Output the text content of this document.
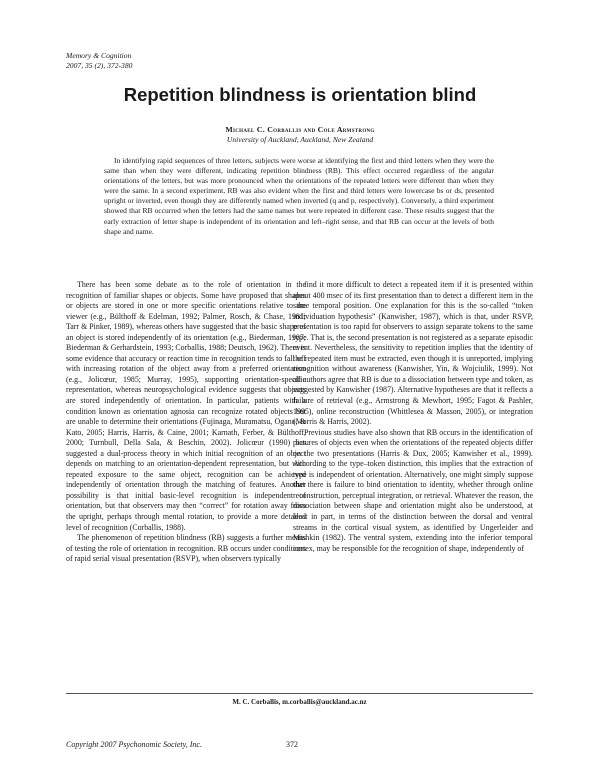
Memory & Cognition
2007, 35 (2), 372-380
Repetition blindness is orientation blind
Michael C. Corballis and Cole Armstrong
University of Auckland, Auckland, New Zealand

In identifying rapid sequences of three letters, subjects were worse at identifying the first and third letters when they were the same than when they were different, indicating repetition blindness (RB). This effect occurred regardless of the angular orientations of the letters, but was more pronounced when the orientations of the repeated letters were different than when they were the same. In a second experiment, RB was also evident when the first and third letters were lowercase bs or ds, presented upright or inverted, even though they are differently named when inverted (q and p, respectively). Conversely, a third experiment showed that RB occurred when the letters had the same names but were repeated in different case. These results suggest that the early extraction of letter shape is independent of its orientation and left–right sense, and that RB can occur at the levels of both shape and name.

There has been some debate as to the role of orientation in the recognition of familiar shapes or objects. Some have proposed that shapes or objects are stored in one or more specific orientations relative to the viewer (e.g., Bülthoff & Edelman, 1992; Palmer, Rosch, & Chase, 1981; Tarr & Pinker, 1989), whereas others have suggested that the basic shape of an object is stored independently of its orientation (e.g., Biederman, 1987; Biederman & Gerhardstein, 1993; Corballis, 1988; Deutsch, 1962). There is some evidence that accuracy or reaction time in recognition tends to fall off with increasing rotation of the object away from a preferred orientation (e.g., Jolicœur, 1985; Murray, 1995), supporting orientation-specific representation, whereas neuropsychological evidence suggests that objects are stored independently of orientation. In particular, patients with a condition known as orientation agnosia can recognize rotated objects but are unable to determine their orientations (Fujinaga, Muramatsu, Ogano, & Kato, 2005; Harris, Harris, & Caine, 2001; Karnath, Ferber, & Bülthoff, 2000; Turnbull, Della Sala, & Beschin, 2002). Jolicœur (1990) has suggested a dual-process theory in which initial recognition of an object depends on matching to an orientation-dependent representation, but with repeated exposure to the same object, recognition can be achieved independently of orientation through the matching of features. Another possibility is that initial basic-level recognition is independent of orientation, but that observers may then “correct” for rotation away from the upright, perhaps through mental rotation, to provide a more detailed level of recognition (Corballis, 1988).

The phenomenon of repetition blindness (RB) suggests a further means of testing the role of orientation in recognition. RB occurs under conditions of rapid serial visual presentation (RSVP), when observers typically

find it more difficult to detect a repeated item if it is presented within about 400 msec of its first presentation than to detect a different item in the same temporal position. One explanation for this is the so-called “token individuation hypothesis” (Kanwisher, 1987), which is that, under RSVP, presentation is too rapid for observers to assign separate tokens to the same type. That is, the second presentation is not registered as a separate episodic event. Nevertheless, the sensitivity to repetition implies that the identity of the repeated item must be extracted, even though it is unreported, implying recognition without awareness (Kanwisher, Yin, & Wojciulik, 1999). Not all authors agree that RB is due to a dissociation between type and token, as suggested by Kanwisher (1987). Alternative hypotheses are that it reflects a failure of retrieval (e.g., Armstrong & Mewhort, 1995; Fagot & Pashler, 1995), online reconstruction (Whittlesea & Masson, 2005), or integration (Morris & Harris, 2002).

Previous studies have also shown that RB occurs in the identification of pictures of objects even when the orientations of the repeated objects differ on the two presentations (Harris & Dux, 2005; Kanwisher et al., 1999). According to the type–token distinction, this implies that the extraction of type is independent of orientation. Alternatively, one might simply suppose that there is failure to bind orientation to identity, whether through online reconstruction, perceptual integration, or retrieval. Whatever the reason, the dissociation between shape and orientation might also be understood, at least in part, in terms of the distinction between the dorsal and ventral streams in the cortical visual system, as identified by Ungerleider and Mishkin (1982). The ventral system, extending into the inferior temporal cortex, may be responsible for the recognition of shape, independently of

M. C. Corballis, m.corballis@auckland.ac.nz
Copyright 2007 Psychonomic Society, Inc.	372
